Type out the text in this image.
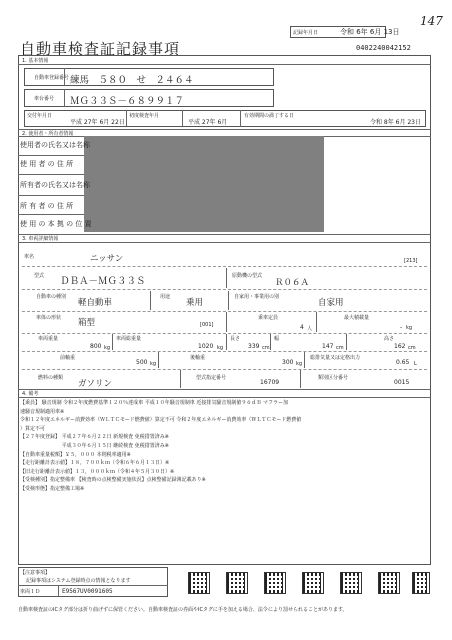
147
記録年月日	令和 6年 6月 13日
自動車検査証記録事項	0402240042152
1. 基本情報
自動車登録番号 練馬　５８０　せ　２４６４
車台番号 ＭＧ３３Ｓ－６８９９１７
交付年月日
平成 27年 6月 22日
初度検査年月
平成 27年 6月
有効期間の満了する日
令和 8年 6月 23日
2. 使用者・所有者情報
使用者の氏名又は名称
使 用 者 の 住 所
所有者の氏名又は名称
所 有 者 の 住 所
使 用 の 本 拠 の 位 置
3. 車両詳細情報
車名	ニッサン	[213]
型式 ＤＢＡ－ＭＧ３３Ｓ	原動機の型式
Ｒ０６Ａ
自動車の種別
軽自動車
用途
乗用
自家用・事業用の別
自家用
車体の形状 箱型	[001]
乗車定員
4 人
最大積載量
- kg
車両重量
800 kg
車両総重量
1020 kg
長さ
339 cm
幅
147 cm
高さ
162 cm
前軸重
500 kg
後軸重
300 kg
総排気量又は定格出力
0.65 L
燃料の種類
ガソリン
型式指定番号
16709
類別区分番号
0015
4. 備考
【乗員】 騒音規制 令和２年度燃費基準１２０％達成車 平成１０年騒音規制車 近接排気騒音規制値９６ｄＢ マフラー加
速騒音規制適用車※
令和１２年度エネルギー消費効率（ＷＬＴＣモード燃費値）算定不可 令和２年度エネルギー消費効率（ＷＬＴＣモード燃費値
）算定不可
【２７年度登録】 平成２７年６月２２日 新規検査 免税措置済み※
　　　　　　　　 平成３０年６月１５日 継続検査 免税措置済み※
【自動車重量税額】￥５，０００ 本則税率適用※
【走行距離計表示値】１８，７００ｋｍ（令和６年６月１３日）※
【旧走行距離計表示値】１３，０００ｋｍ（令和４年５月３０日）※
【受検種別】指定整備車 【検査時の点検整備実施状況】点検整備記録簿記載あり※
【受検形態】指定整備工場※
【注意事項】
記録事項はシステム登録時点の情報となります
車両ＩＤ	E9567UV0091605
自動車検査証のICタグ部分は折り曲げずに保管ください。自動車検査証の券面やICタグに手を加える場合、法令により罰せられることがあります。
